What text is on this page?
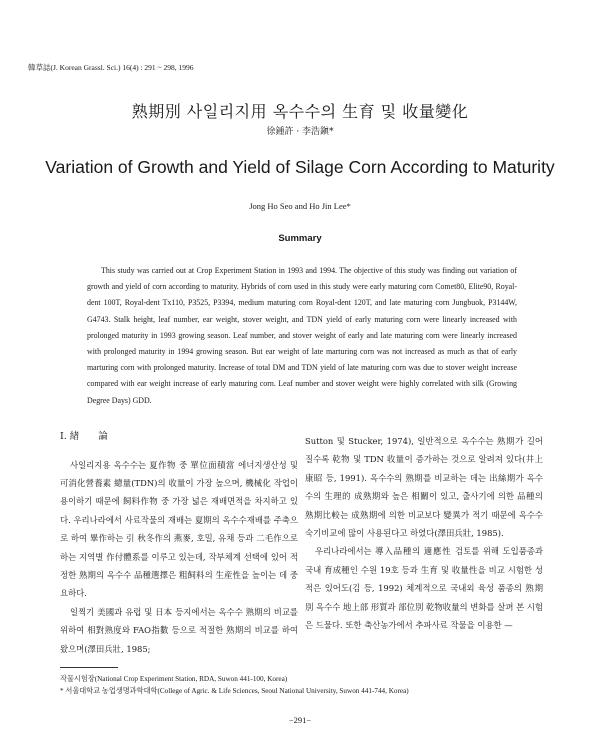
韓草誌(J. Korean Grassl. Sci.) 16(4) : 291 ~ 298, 1996
熟期別 사일리지用 옥수수의 生育 및 收量變化
徐鍾許 · 李浩鎭*
Variation of Growth and Yield of Silage Corn According to Maturity
Jong Ho Seo and Ho Jin Lee*
Summary

This study was carried out at Crop Experiment Station in 1993 and 1994. The objective of this study was finding out variation of growth and yield of corn according to maturity. Hybrids of corn used in this study were early maturing corn Comet80, Elite90, Royal-dent 100T, Royal-dent Tx110, P3525, P3394, medium maturing corn Royal-dent 120T, and late maturing corn Jungbuok, P3144W, G4743. Stalk height, leaf number, ear weight, stover weight, and TDN yield of early maturing corn were linearly increased with prolonged maturity in 1993 growing season. Leaf number, and stover weight of early and late maturing corn were linearly increased with prolonged maturity in 1994 growing season. But ear weight of late marturing corn was not increased as much as that of early marturing corn with prolonged maturity. Increase of total DM and TDN yield of late maturing corn was due to stover weight increase compared with ear weight increase of early maturing corn. Leaf number and stover weight were highly correlated with silk (Growing Degree Days) GDD.

Ⅰ. 緖　　論

사일리지용 옥수수는 夏作物 중 單位面積當 에너지생산성 및 可消化營養素 總量(TDN)의 收量이 가장 높으며, 機械化 작업이 용이하기 때문에 飼料作物 중 가장 넓은 재배면적을 차지하고 있다. 우리나라에서 사료작물의 재배는 夏期의 옥수수재배를 주축으로 하여 畢作하는 引 秋冬作의 燕麥, 호밀, 유채 등과 二毛作으로 하는 지역별 作付體系를 이루고 있는데, 작부체계 선택에 있어 적정한 熟期의 옥수수 品種選擇은 粗飼料의 生産性을 높이는 데 중요하다.

일찍기 美國과 유럽 및 日本 등지에서는 옥수수 熟期의 비교를 위하여 相對熟度와 FAO指數 등으로 적절한 熟期의 비교를 하여 왔으며(澤田兵壯, 1985;

Sutton 및 Stucker, 1974), 일반적으로 옥수수는 熟期가 길어질수록 乾物 및 TDN 收量이 증가하는 것으로 알려져 있다(井上康昭 등, 1991). 옥수수의 熟期를 비교하는 데는 出絲期가 옥수수의 生理的 成熟期와 높은 相關이 있고, 출사기에 의한 品種의 熟期比較는 成熟期에 의한 비교보다 變異가 적기 때문에 옥수수 숙기비교에 많이 사용된다고 하였다(澤田兵壯, 1985).

우리나라에서는 導入品種의 適應性 검토를 위해 도입품종과 국내 育成種인 수원 19호 등과 生育 및 收量性을 비교 시험한 성적은 있어도(김 등, 1992) 체계적으로 국내외 육성 품종의 熟期別 옥수수 地上部 形質과 部位別 乾物收量의 변화를 살펴 본 시험은 드물다. 또한 축산농가에서 추파사료 작물을 이용한 —

작물시험장(National Crop Experiment Station, RDA, Suwon 441-100, Korea)
* 서울대학교 농업생명과학대학(College of Agric. & Life Sciences, Seoul National University, Suwon 441-744, Korea)
−291−
